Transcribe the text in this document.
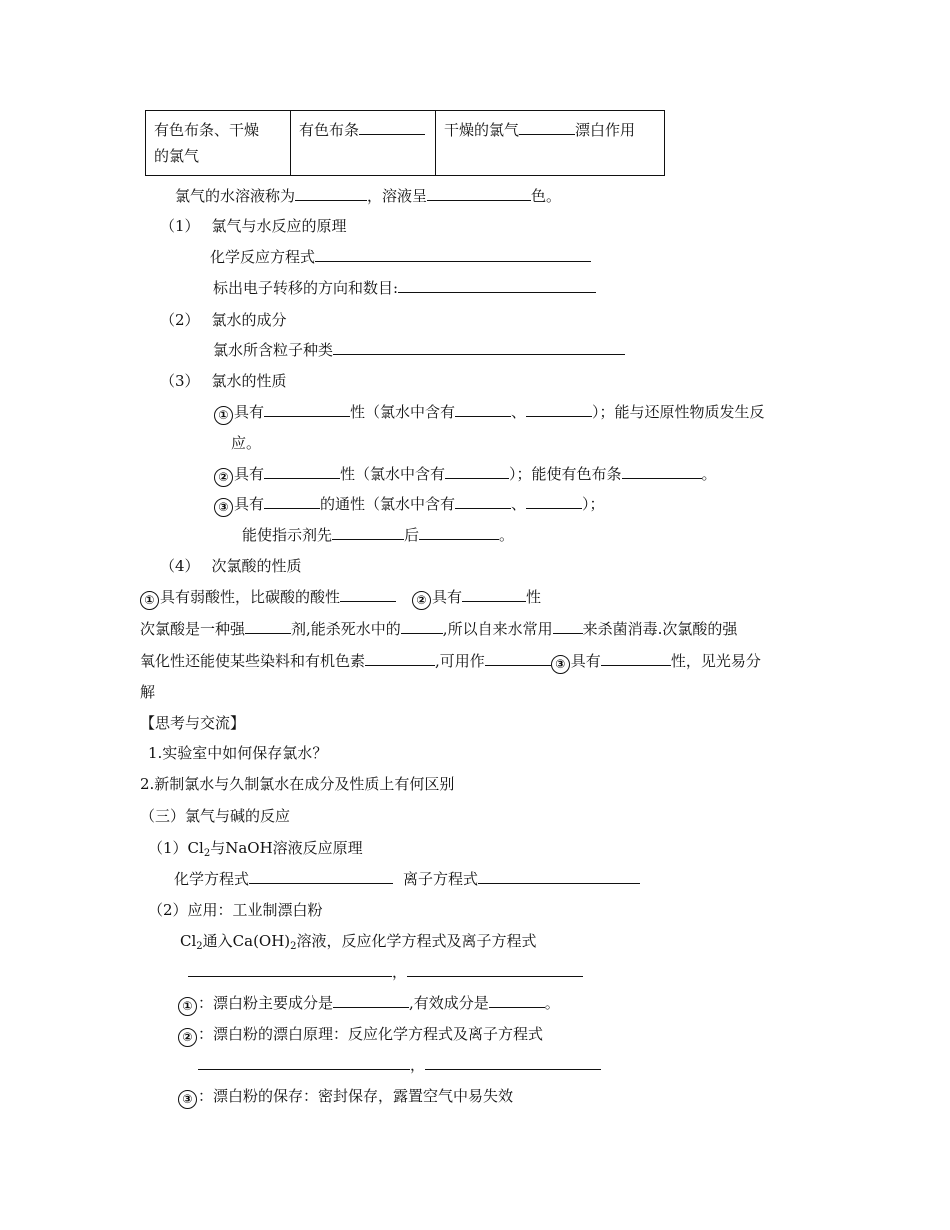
有色布条、干燥
的氯气	有色布条	干燥的氯气	漂白作用
氯气的水溶液称为	，溶液呈	色。
（1） 氯气与水反应的原理
化学反应方程式
标出电子转移的方向和数目:
（2） 氯水的成分
氯水所含粒子种类
（3） 氯水的性质
① 具有	性（氯水中含有	、	）；能与还原性物质发生反
应。
② 具有	性（氯水中含有	）；能使有色布条	。
③ 具有	的通性（氯水中含有	、	）；
能使指示剂先	后	。
（4） 次氯酸的性质
① 具有弱酸性，比碳酸的酸性	② 具有	性
次氯酸是一种强	剂,能杀死水中的	,所以自来水常用 来杀菌消毒.次氯酸的强
氧化性还能使某些染料和有机色素	,可用作	③ 具有	性，见光易分
解
【思考与交流】
1.实验室中如何保存氯水？
2.新制氯水与久制氯水在成分及性质上有何区别
（三）氯气与碱的反应
$(1)Cl_2$与NaOH溶液反应原理
化学方程式	离子方程式
（2）应用：工业制漂白粉
$Cl_2$通入$Ca(OH)_2$溶液，反应化学方程式及离子方程式
，
① ：漂白粉主要成分是	,有效成分是	。
② ：漂白粉的漂白原理：反应化学方程式及离子方程式
，
③ ：漂白粉的保存：密封保存，露置空气中易失效
